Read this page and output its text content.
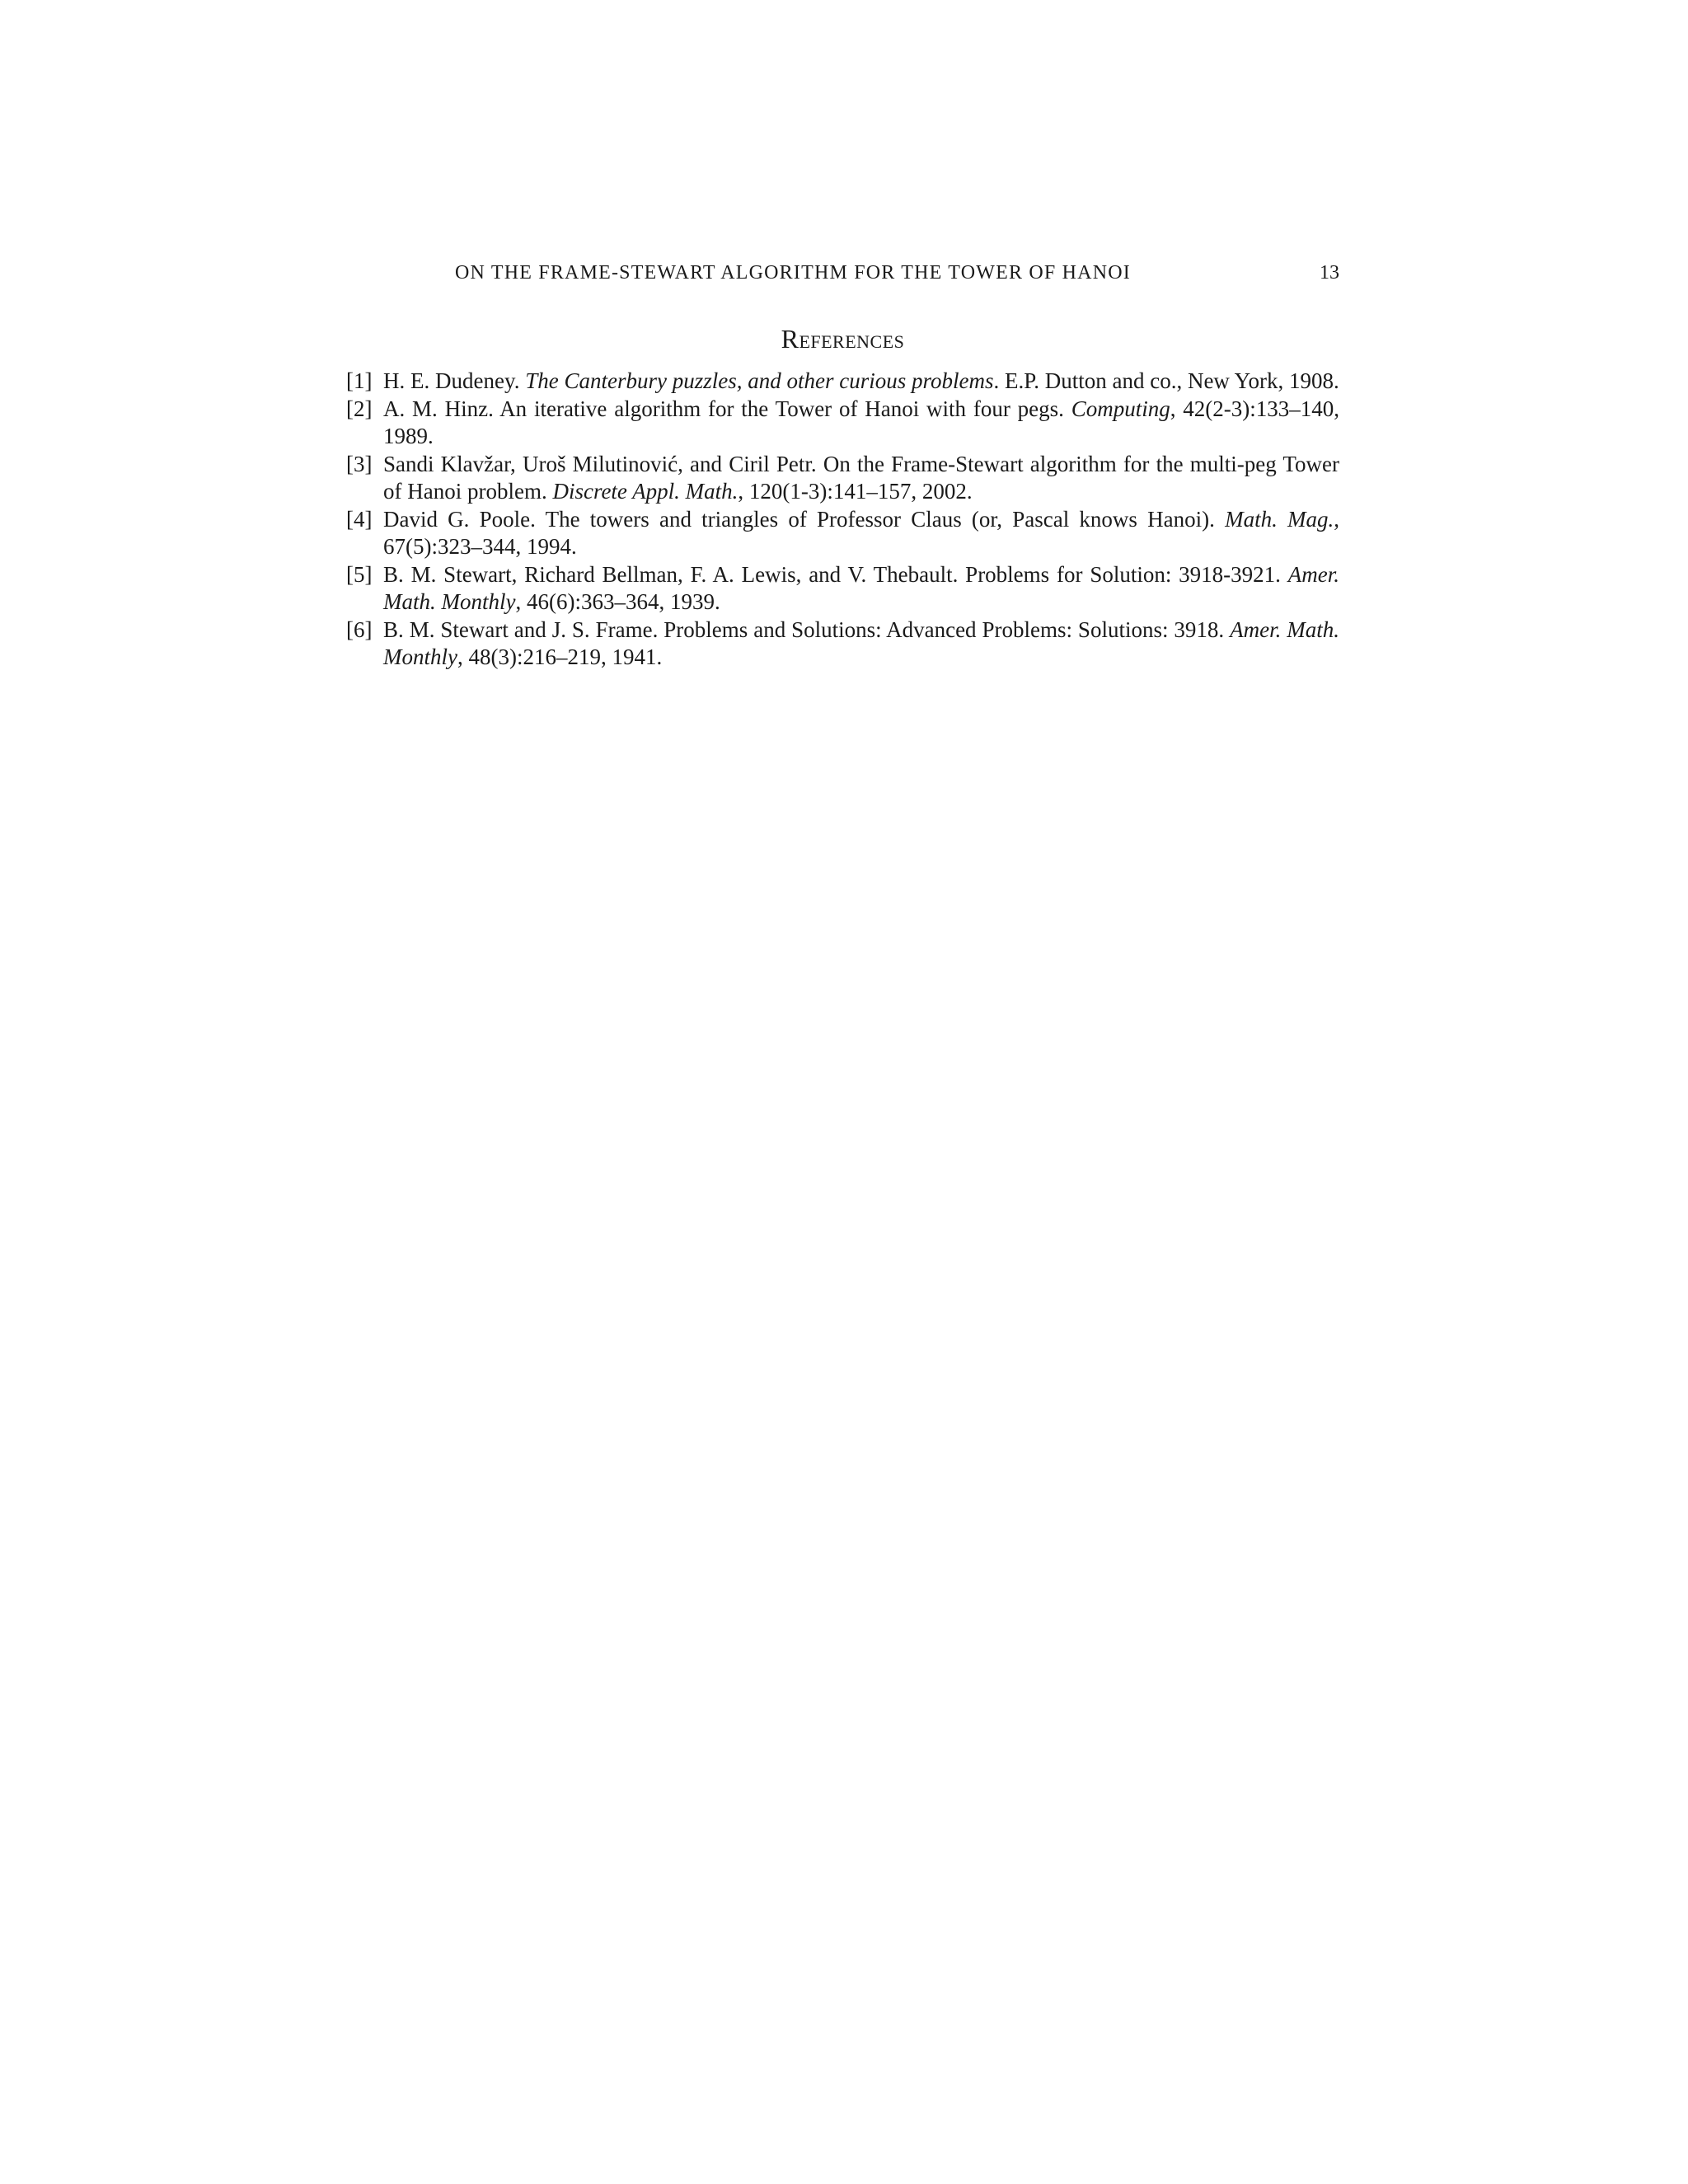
ON THE FRAME-STEWART ALGORITHM FOR THE TOWER OF HANOI	13
References
[1] H. E. Dudeney. The Canterbury puzzles, and other curious problems. E.P. Dutton and co., New York, 1908.
[2] A. M. Hinz. An iterative algorithm for the Tower of Hanoi with four pegs. Computing, 42(2-3):133–140, 1989.
[3] Sandi Klavžar, Uroš Milutinović, and Ciril Petr. On the Frame-Stewart algorithm for the multi-peg Tower of Hanoi problem. Discrete Appl. Math., 120(1-3):141–157, 2002.
[4] David G. Poole. The towers and triangles of Professor Claus (or, Pascal knows Hanoi). Math. Mag., 67(5):323–344, 1994.
[5] B. M. Stewart, Richard Bellman, F. A. Lewis, and V. Thebault. Problems for Solution: 3918-3921. Amer. Math. Monthly, 46(6):363–364, 1939.
[6] B. M. Stewart and J. S. Frame. Problems and Solutions: Advanced Problems: Solutions: 3918. Amer. Math. Monthly, 48(3):216–219, 1941.
